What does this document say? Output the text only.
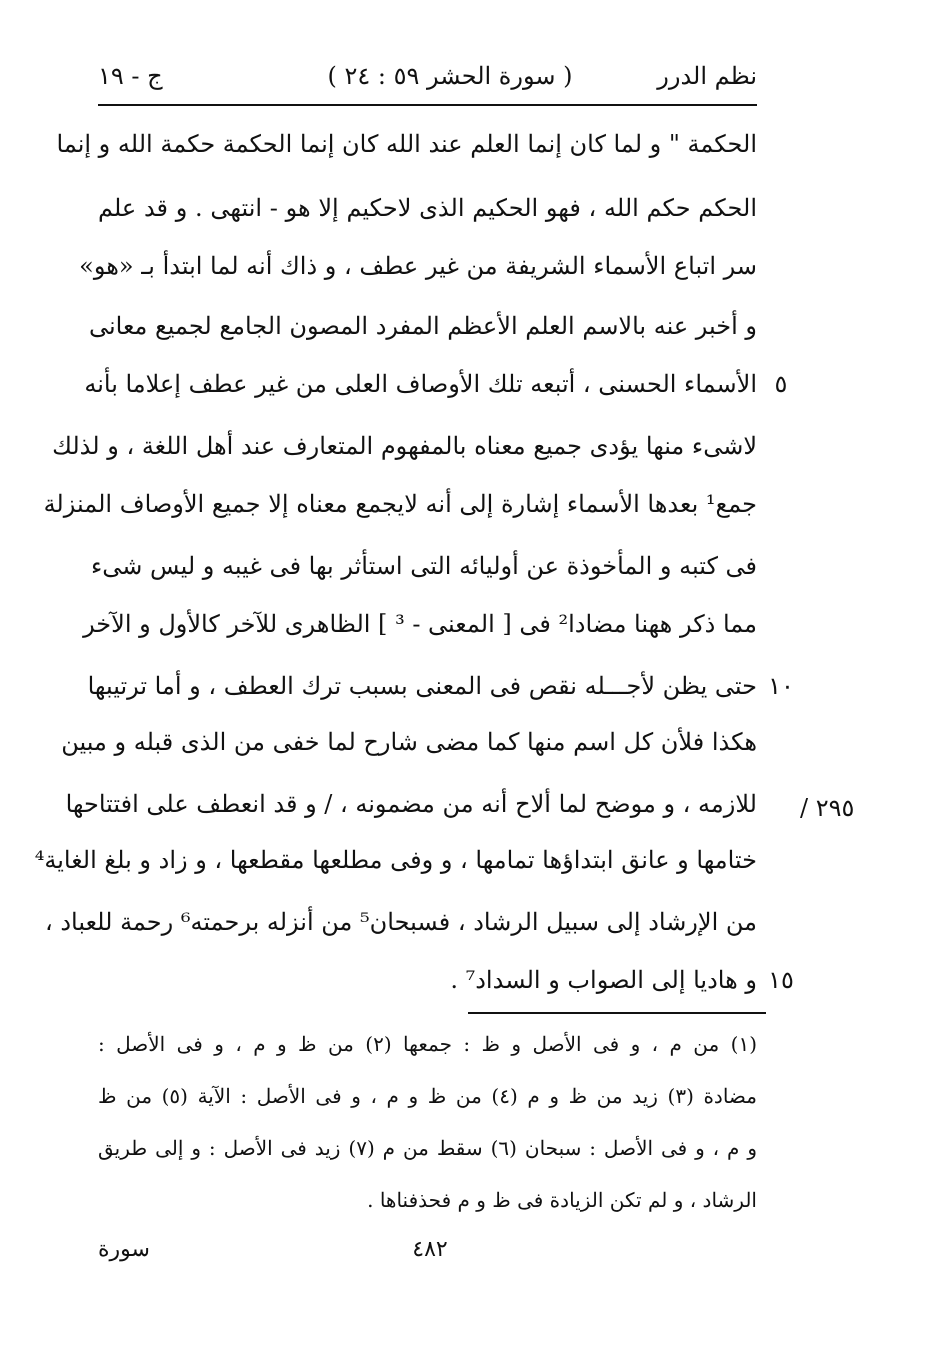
نظم الدرر
( سورة الحشر ٥٩ : ٢٤ )
ج - ١٩
الحكمة " و لما كان إنما العلم عند الله كان إنما الحكمة حكمة الله و إنما
الحكم حكم الله ، فهو الحكيم الذى لاحكيم إلا هو - انتهى . و قد علم
سر اتباع الأسماء الشريفة من غير عطف ، و ذاك أنه لما ابتدأ بـ «هو»
و أخبر عنه بالاسم العلم الأعظم المفرد المصون الجامع لجميع معانى
الأسماء الحسنى ، أتبعه تلك الأوصاف العلى من غير عطف إعلاما بأنه ٥
لاشىء منها يؤدى جميع معناه بالمفهوم المتعارف عند أهل اللغة ، و لذلك
جمع¹ بعدها الأسماء إشارة إلى أنه لايجمع معناه إلا جميع الأوصاف المنزلة
فى كتبه و المأخوذة عن أوليائه التى استأثر بها فى غيبه و ليس شىء
مما ذكر ههنا مضادا² فى [ المعنى - ³ ] الظاهرى للآخر كالأول و الآخر
حتى يظن لأجـــله نقص فى المعنى بسبب ترك العطف ، و أما ترتيبها ١٠
هكذا فلأن كل اسم منها كما مضى شارح لما خفى من الذى قبله و مبين
للازمه ، و موضح لما ألاح أنه من مضمونه ، / و قد انعطف على افتتاحها / ٢٩٥
ختامها و عانق ابتداؤها تمامها ، و وفى مطلعها مقطعها ، و زاد و بلغ الغاية⁴
من الإرشاد إلى سبيل الرشاد ، فسبحان⁵ من أنزله برحمته⁶ رحمة للعباد ،
و هاديا إلى الصواب و السداد⁷ . ١٥
(١) من م ، و فى الأصل و ظ : جمعها (٢) من ظ و م ، و فى الأصل :
مضادة (٣) زيد من ظ و م (٤) من ظ و م ، و فى الأصل : الآية (٥) من ظ
و م ، و فى الأصل : سبحان (٦) سقط من م (٧) زيد فى الأصل : و إلى طريق
الرشاد ، و لم تكن الزيادة فى ظ و م فحذفناها .
٤٨٢
سورة
